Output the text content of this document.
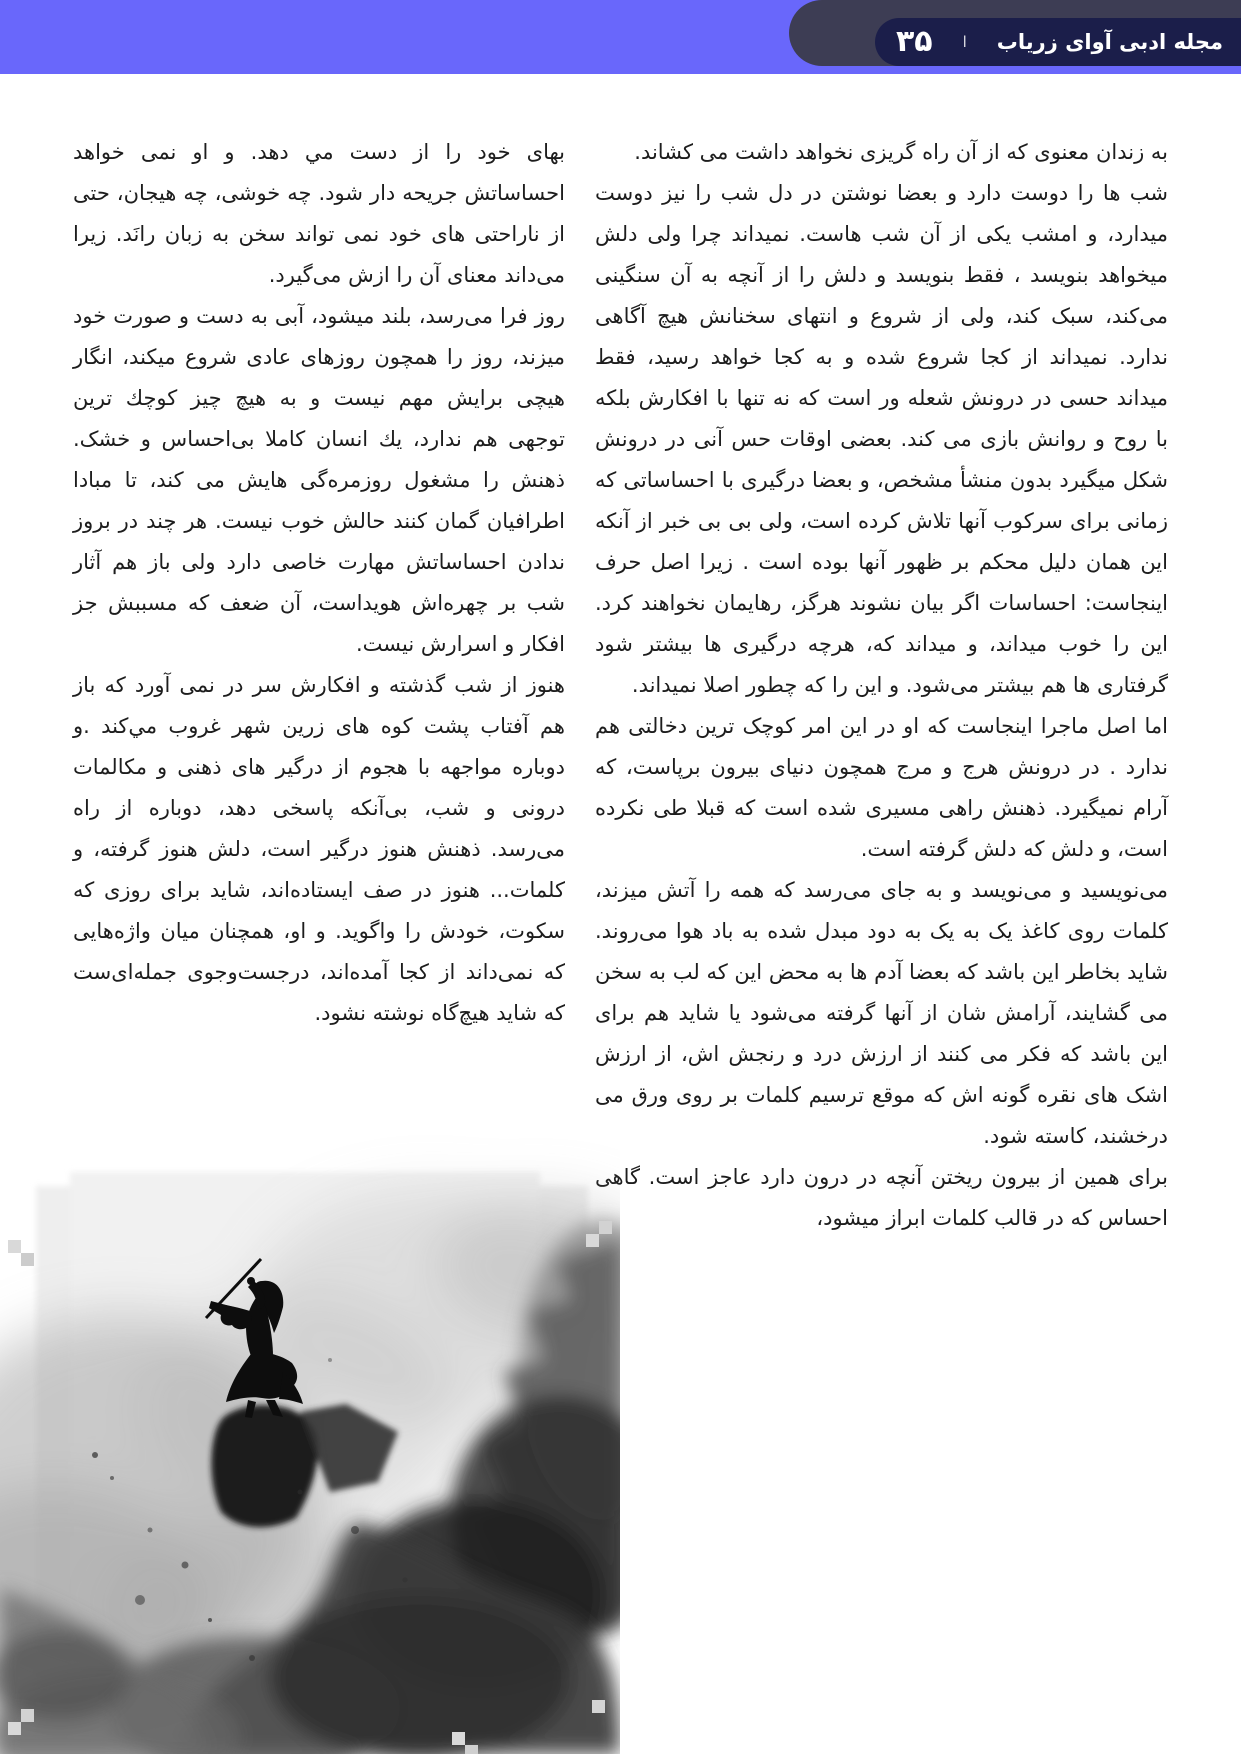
مجله ادبی آوای زریاب
ا
۳۵

به زندان معنوی که از آن راه گریزی نخواهد داشت می کشاند.

شب ها را دوست دارد و بعضا نوشتن در دل شب را نیز دوست میدارد، و امشب یکی از آن شب هاست. نمیداند چرا ولی دلش میخواهد بنویسد ، فقط بنویسد و دلش را از آنچه به آن سنگینی می‌کند، سبک کند، ولی از شروع و انتهای سخنانش هیچ آگاهی ندارد. نمیداند از کجا شروع شده و به کجا خواهد رسید، فقط میداند حسی در درونش شعله ور است که نه تنها با افکارش بلکه با روح و روانش بازی می کند. بعضی اوقات حس آنی در درونش شکل میگیرد بدون منشأ مشخص، و بعضا درگیری با احساساتی که زمانی برای سرکوب آنها تلاش کرده است، ولی بی بی خبر از آنکه این همان دلیل محکم بر ظهور آنها بوده است . زیرا اصل حرف اینجاست: احساسات اگر بیان نشوند هرگز، رهایمان نخواهند کرد. این را خوب میداند، و میداند که، هرچه درگیری ها بیشتر شود گرفتاری ها هم بیشتر می‌شود. و این را که چطور اصلا نمیداند.

اما اصل ماجرا اینجاست که او در این امر کوچک ترین دخالتی هم ندارد . در درونش هرج و مرج همچون دنیای بیرون برپاست، که آرام نمیگیرد. ذهنش راهی مسیری شده است که قبلا طی نکرده است، و دلش که دلش گرفته است.

می‌نویسید و می‌نویسد و به جای می‌رسد که همه را آتش میزند، کلمات روی کاغذ یک به یک به دود مبدل شده به باد هوا می‌روند. شاید بخاطر این باشد که بعضا آدم ها به محض این که لب به سخن می گشایند، آرامش شان از آنها گرفته می‌شود یا شاید هم برای این باشد که فکر می کنند از ارزش درد و رنجش اش، از ارزش اشک های نقره گونه اش که موقع ترسیم کلمات بر روی ورق می درخشند، کاسته شود.

برای همین از بیرون ریختن آنچه در درون دارد عاجز است. گاهی احساس که در قالب کلمات ابراز میشود،

بهای خود را از دست مي دهد. و او نمی خواهد احساساتش جریحه دار شود. چه خوشی، چه هیجان، حتی از ناراحتی های خود نمی تواند سخن به زبان رانَد. زیرا می‌داند معنای آن را ازش می‌گیرد.

روز فرا می‌رسد، بلند میشود، آبی به دست و صورت خود میزند، روز را همچون روزهای عادی شروع میکند، انگار هیچی برایش مهم نیست و به هیچ چیز کوچك ترین توجهی هم ندارد، یك انسان کاملا بی‌احساس و خشک. ذهنش را مشغول روزمره‌گی هایش می کند، تا مبادا اطرافیان گمان کنند حالش خوب نیست. هر چند در بروز ندادن احساساتش مهارت خاصی دارد ولی باز هم آثار شب بر چهره‌اش هویداست، آن ضعف که مسببش جز افکار و اسرارش نیست.

هنوز از شب گذشته و افکارش سر در نمی آورد که باز هم آفتاب پشت کوه های زرین شهر غروب مي‌کند .و دوباره مواجهه با هجوم از درگیر های ذهنی و مکالمات درونی و شب، بی‌آنکه پاسخی دهد، دوباره از راه می‌رسد. ذهنش هنوز درگیر است، دلش هنوز گرفته، و کلمات... هنوز در صف ایستاده‌اند، شاید برای روزی که سکوت، خودش را واگوید. و او، همچنان میان واژه‌هایی که نمی‌داند از کجا آمده‌اند، درجست‌وجوی جمله‌ای‌ست که شاید هیچ‌گاه نوشته نشود.
